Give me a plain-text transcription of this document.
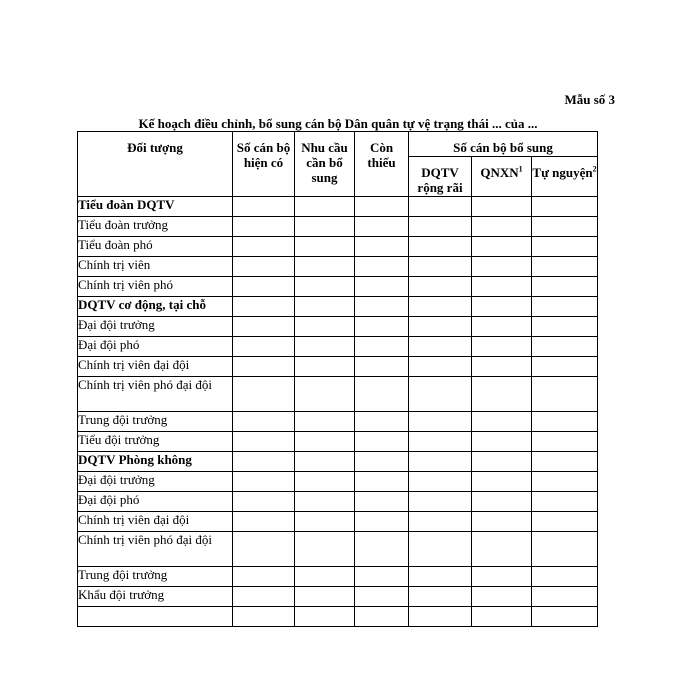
Mẫu số 3
Kế hoạch điều chỉnh, bổ sung cán bộ Dân quân tự vệ trạng thái ... của ...
Đối tượng	Số cán bộ hiện có	Nhu cầu cần bổ sung	Còn thiếu	Số cán bộ bổ sung		
				DQTV rộng rãi	QNXN$^1$	Tự nguyện$^2$
Tiểu đoàn DQTV						
Tiểu đoàn trưởng						
Tiểu đoàn phó						
Chính trị viên						
Chính trị viên phó						
DQTV cơ động, tại chỗ						
Đại đội trưởng						
Đại đội phó						
Chính trị viên đại đội						
Chính trị viên phó đại đội						
Trung đội trưởng						
Tiểu đội trưởng						
DQTV Phòng không						
Đại đội trưởng						
Đại đội phó						
Chính trị viên đại đội						
Chính trị viên phó đại đội						
Trung đội trưởng						
Khẩu đội trưởng						
